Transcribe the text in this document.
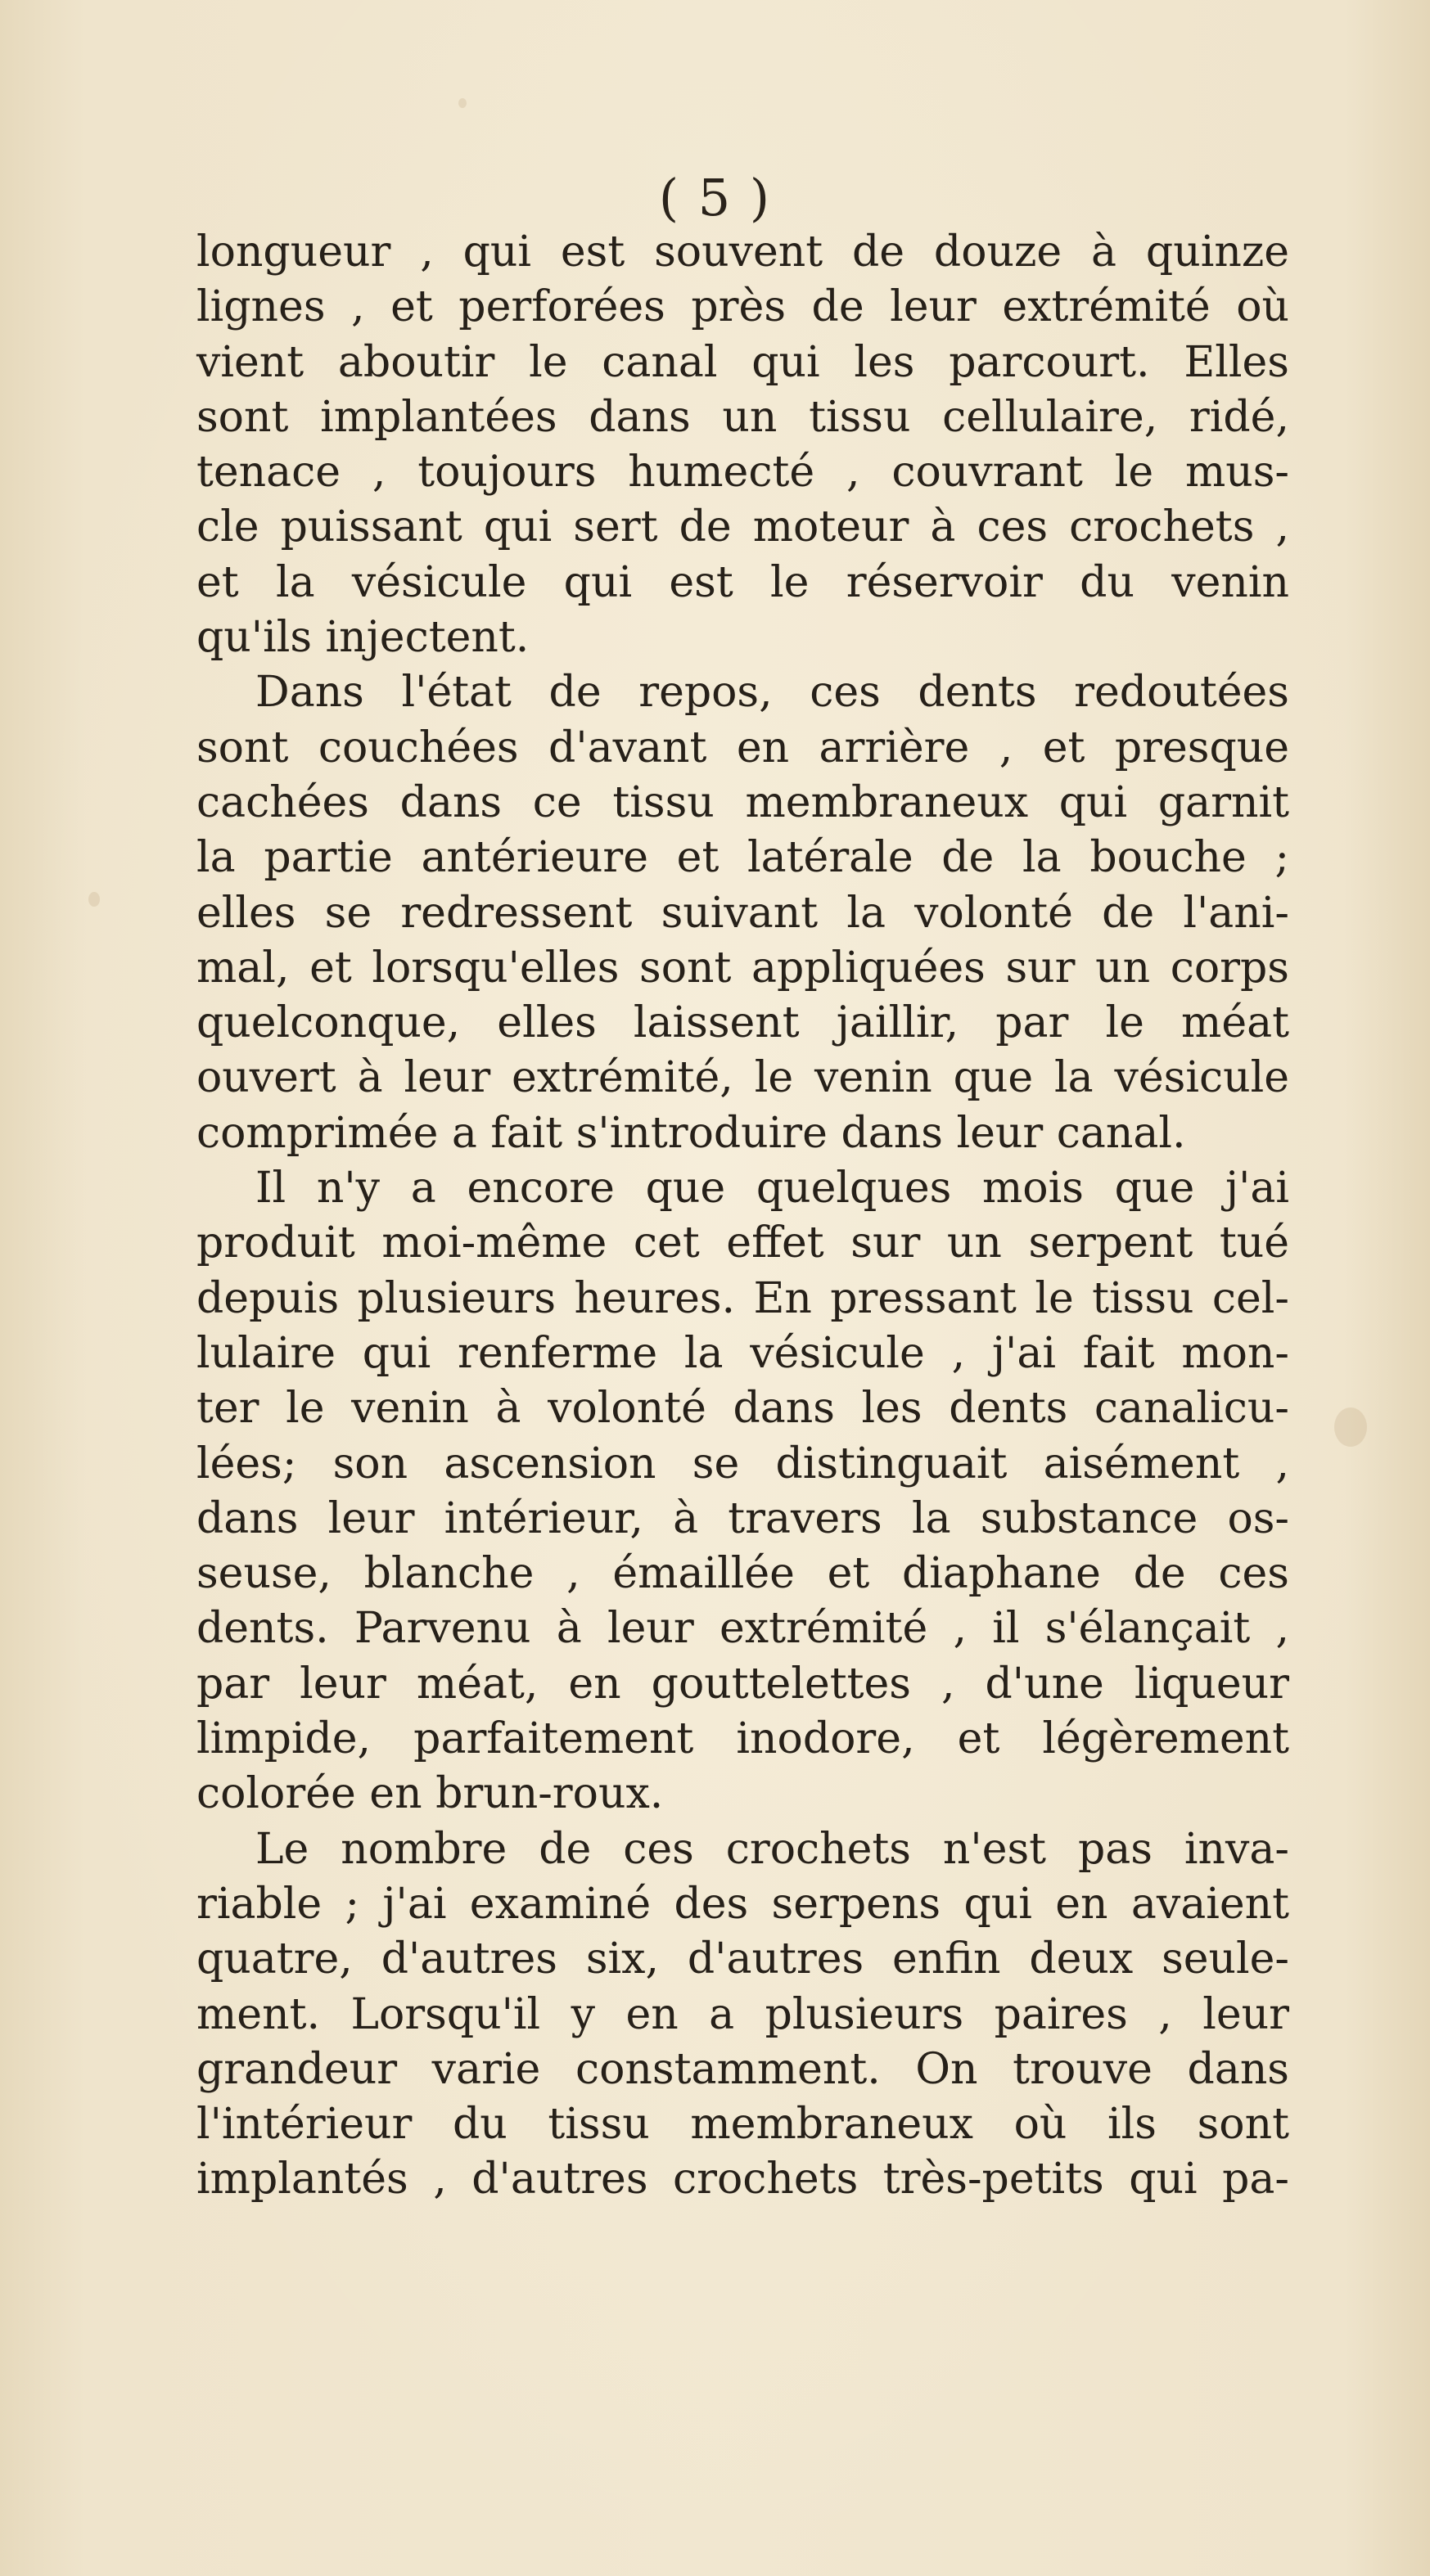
( 5 )
longueur , qui est souvent de douze à quinze
lignes , et perforées près de leur extrémité où
vient aboutir le canal qui les parcourt. Elles
sont implantées dans un tissu cellulaire, ridé,
tenace , toujours humecté , couvrant le mus-
cle puissant qui sert de moteur à ces crochets ,
et la vésicule qui est le réservoir du venin
qu'ils injectent.
Dans l'état de repos, ces dents redoutées
sont couchées d'avant en arrière , et presque
cachées dans ce tissu membraneux qui garnit
la partie antérieure et latérale de la bouche ;
elles se redressent suivant la volonté de l'ani-
mal, et lorsqu'elles sont appliquées sur un corps
quelconque, elles laissent jaillir, par le méat
ouvert à leur extrémité, le venin que la vésicule
comprimée a fait s'introduire dans leur canal.
Il n'y a encore que quelques mois que j'ai
produit moi-même cet effet sur un serpent tué
depuis plusieurs heures. En pressant le tissu cel-
lulaire qui renferme la vésicule , j'ai fait mon-
ter le venin à volonté dans les dents canalicu-
lées; son ascension se distinguait aisément ,
dans leur intérieur, à travers la substance os-
seuse, blanche , émaillée et diaphane de ces
dents. Parvenu à leur extrémité , il s'élançait ,
par leur méat, en gouttelettes , d'une liqueur
limpide, parfaitement inodore, et légèrement
colorée en brun-roux.
Le nombre de ces crochets n'est pas inva-
riable ; j'ai examiné des serpens qui en avaient
quatre, d'autres six, d'autres enfin deux seule-
ment. Lorsqu'il y en a plusieurs paires , leur
grandeur varie constamment. On trouve dans
l'intérieur du tissu membraneux où ils sont
implantés , d'autres crochets très-petits qui pa-
